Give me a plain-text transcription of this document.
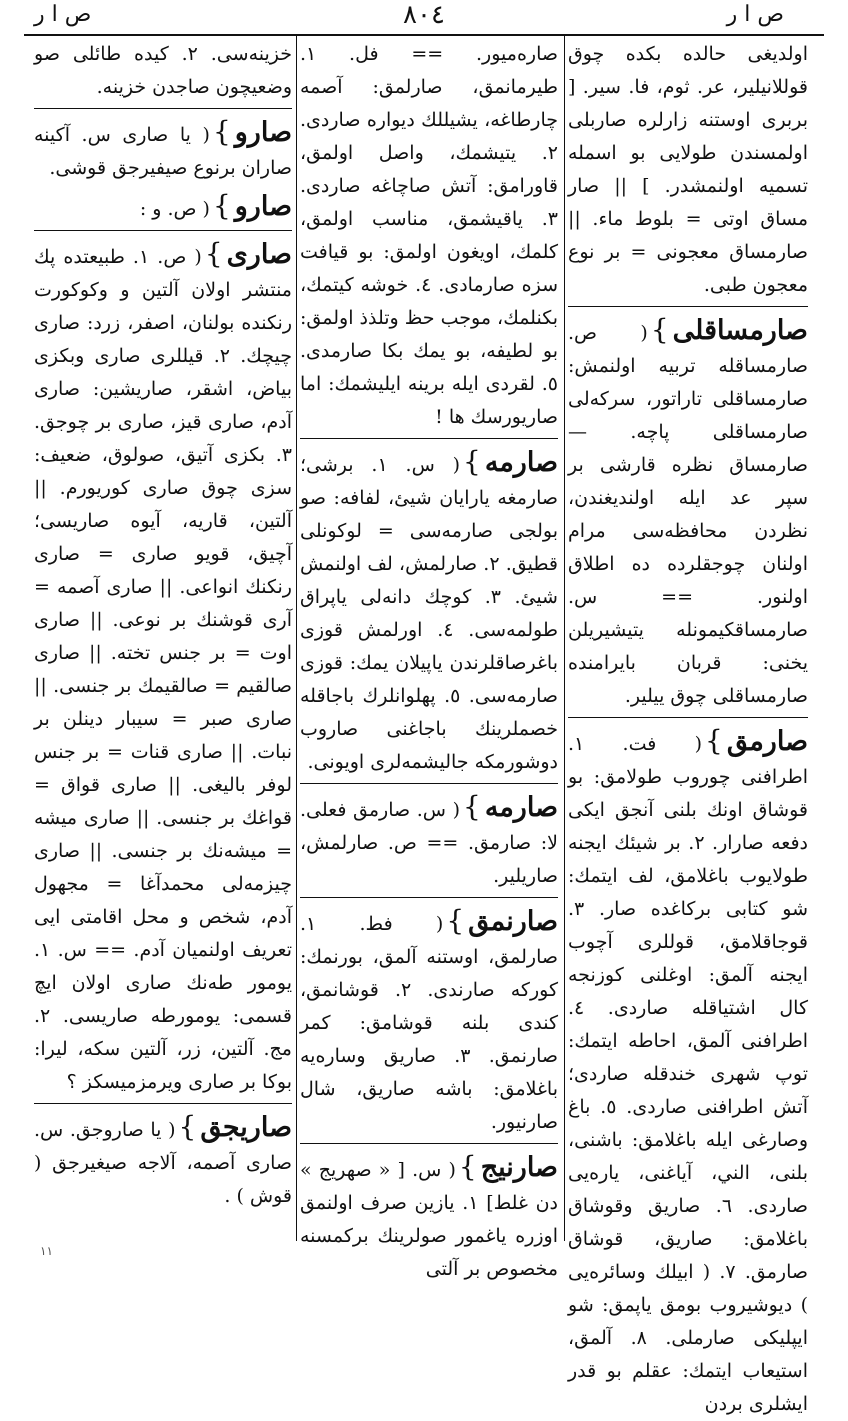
ص ا ر	٨٠٤	ص ا ر

اولدیغی حالده بکده چوق قو‌للانیلیر، عر. ثوم، فا. سیر. [ بربری اوستنه زارلره صاربلی اولمسندن طولایی بو اسمله تسمیه اولنمشدر. ] || صار مساق اوتی = بلوط ماء. || صارمساق معجونی = بر نوع معجون طبی.

صارمساقلی}( ص. صارمساقله تربیه اولنمش: صا‌رمساقلی تاراتور، سرکه‌لی صار‌مساقلی پاچه. — صارمساق نظره قارشی بر سپر عد ایله او‌لندیغندن، نظردن محافظه‌سی مرام اولنان چوجقلرده ده اطلاق اولنور. == س. صارمساقکیمونله یتیشیریلن یخنی: قربان بایرامنده صارمساقلی چوق ییلیر.

صارمق}( فت. ١. اطرافنی چو‌روب طولامق: بو قوشاق اونك بلنی آنجق ایکی دفعه صارار. ٢. بر شیئك ایجنه طولایوب باغلامق، لف ایتمك: شو کتابی برکاغده صار. ٣. قوجاقلامق، قوللری آچوب ایجنه آلمق: اوغلنی کوزنجه کال اشتیاقله صاردی. ٤. اطرافنی آلمق، احاطه ایتمك: توپ شهری خندقله صاردی؛ آتش اطرا‌فنی صاردی. ٥. باغ وصارغی ایله باغلامق: باشنی، بلنی، الني، آیاغنی، یاره‌یی صاردی. ٦. صاریق وقوشاق باغلامق: صاریق، قوشاق صارمق. ٧. ( ابیلك وسائره‌یی ) دیوشیروب بومق یاپمق: شو ایپلیکی صار‌ملی. ٨. آلمق، استیعاب ایتمك: عقلم بو قدر ایشلری بردن

صاره‌میور. == فل. ١. طیر‌مانمق، صارلمق: آصمه چارطاغه، یشیللك دیواره صاردی. ٢. یتیشمك، واصل اولمق، قاورا‌مق: آتش صاچاغه صاردی. ٣. یاقیشمق، مناسب اولمق، کلمك، اویغون اولمق: بو قیافت سزه صارمادی. ٤. خوشه کیتمك، بکنلمك، موجب حظ وتلذذ اولمق: بو لطیفه، بو یمك بکا صارمدی. ٥. لقردی ایله برینه ایلیشمك: اما صاریور‌سك ها !

صارمه}( س. ١. برشی؛ صارمغه یارایان شیئ، لفافه: صو بولجی صارمه‌سی = لوکونلی قطیق. ٢. صارلمش، لف او‌لنمش شیئ. ٣. کوچك دانه‌لی یاپراق طولمه‌سی. ٤. اورلمش قوزی باغرصاقلرندن یاپیلان یمك: قوزی صارمه‌سی. ٥. پهلوانلرك باجاقله خصملرینك باجاغنی صاروب دوشورمکه جالیشمه‌لری اویونی.

صارمه}( س. صارمق فعلی. لا: صارمق. == ص. صا‌رلمش، صاریلیر.

صارنمق}( فط. ١. صارلمق، او‌ستنه آلمق، بورنمك: کورکه صارندی. ٢. قوشانمق، کندی بلنه قوشامق: کمر صارنمق. ٣. صاریق وساره‌یه باغلامق: باشه صاریق، شال صارنیور.

صارنیج}( س. [ « صهریج » دن غلط] ١. یازین صرف اولنمق اوزره یاغمور صولرینك برکمسنه مخصوص بر آلتی

خزینه‌سی. ٢. کیده طائلی صو وضعیچون صاجدن خزینه.

صارو}( یا صاری س. آکینه صاران برنوع صیفیرجق قوشی.

صارو}( ص. و :

صاری}( ص. ١. طبیعتده پك منتشر اولان آلتین و وکوکورت رنکنده بولنان، اصفر، زرد: صاری چیچك. ٢. قیللری صاری وبکزی بیاض، اشقر، صاریشین: صاری آدم، صاری قیز، صاری بر چوجق. ٣. بکزی آتیق، صو‌لوق، ضعیف: سزی چوق صا‌ری کوریورم. || آلتین، قاریه، آیوه صاریسی؛ آچیق، قویو صاری = صاری رنکنك انواعی. || صاری آصمه = آری قوشنك بر نوعی. || صاری اوت = بر جنس تخته. || صاری صالقیم = صالقیمك بر جنسی. || صاری صبر = سیبار دینلن بر نبات. || صاری قنات = بر جنس لوفر بالیغی. || صاری قواق = قواغك بر جنسی. || صاری میشه = میشه‌نك بر جنسی. || صاری چیزمه‌لی محمدآغا = مجهول آدم، شخص و محل اقامتی ایی تعریف اولنمیان آدم. == س. ١. یومور طه‌نك صاری اولان ایچ قسمی: یومور‌طه صاریسی. ٢. مج. آلتین، زر، آلتین سکه، لیرا: بوکا بر صاری ویرمزمیسکز ؟

صاریجق}( یا صاروجق. س. صاری آصمه، آلاجه صیغیرجق ( قوش ) .

١١
